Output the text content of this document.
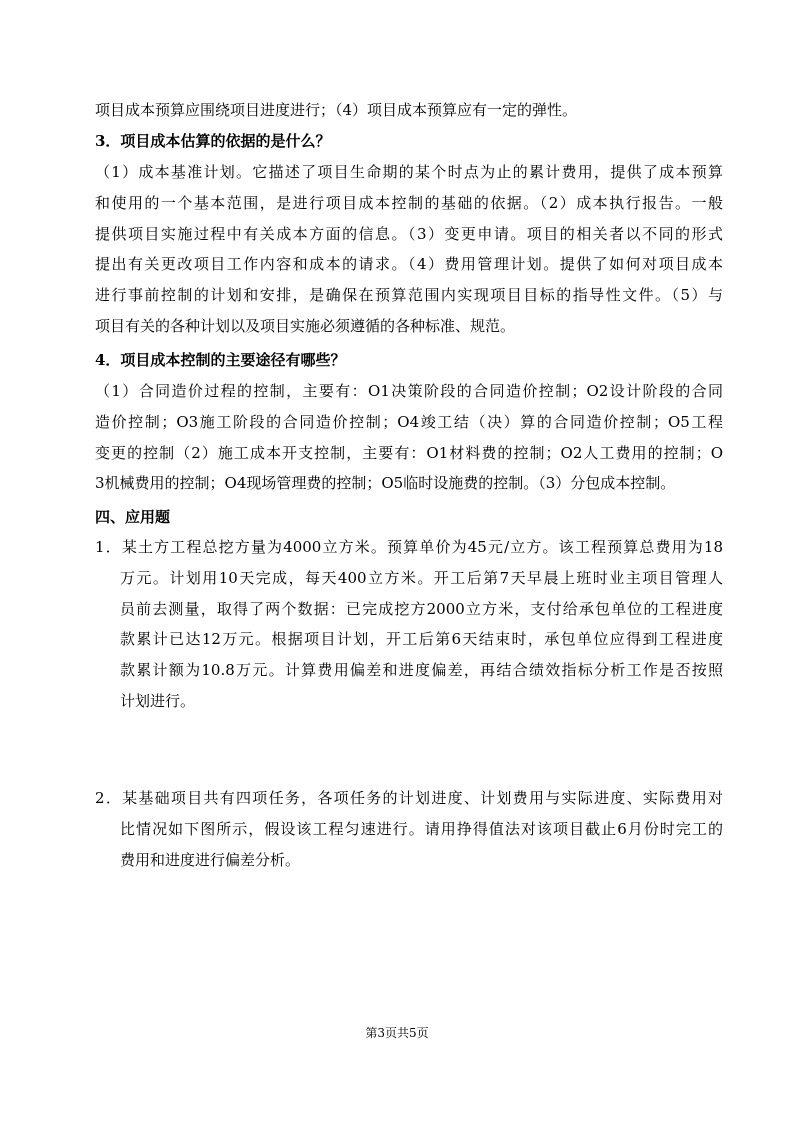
项目成本预算应围绕项目进度进行；（4）项目成本预算应有一定的弹性。
3．项目成本估算的依据的是什么？
（1）成本基准计划。它描述了项目生命期的某个时点为止的累计费用，提供了成本预算
和使用的一个基本范围，是进行项目成本控制的基础的依据。（2）成本执行报告。一般
提供项目实施过程中有关成本方面的信息。（3）变更申请。项目的相关者以不同的形式
提出有关更改项目工作内容和成本的请求。（4）费用管理计划。提供了如何对项目成本
进行事前控制的计划和安排，是确保在预算范围内实现项目目标的指导性文件。（5）与
项目有关的各种计划以及项目实施必须遵循的各种标准、规范。
4．项目成本控制的主要途径有哪些？
（1）合同造价过程的控制，主要有：O1决策阶段的合同造价控制；O2设计阶段的合同
造价控制；O3施工阶段的合同造价控制；O4竣工结（决）算的合同造价控制；O5工程
变更的控制（2）施工成本开支控制，主要有：O1材料费的控制；O2人工费用的控制；O
3机械费用的控制；O4现场管理费的控制；O5临时设施费的控制。（3）分包成本控制。
四、应用题
1．某土方工程总挖方量为4000立方米。预算单价为45元/立方。该工程预算总费用为18
万元。计划用10天完成，每天400立方米。开工后第7天早晨上班时业主项目管理人
员前去测量，取得了两个数据：已完成挖方2000立方米，支付给承包单位的工程进度
款累计已达12万元。根据项目计划，开工后第6天结束时，承包单位应得到工程进度
款累计额为10.8万元。计算费用偏差和进度偏差，再结合绩效指标分析工作是否按照
计划进行。
2．某基础项目共有四项任务，各项任务的计划进度、计划费用与实际进度、实际费用对
比情况如下图所示，假设该工程匀速进行。请用挣得值法对该项目截止6月份时完工的
费用和进度进行偏差分析。
第3页共5页
